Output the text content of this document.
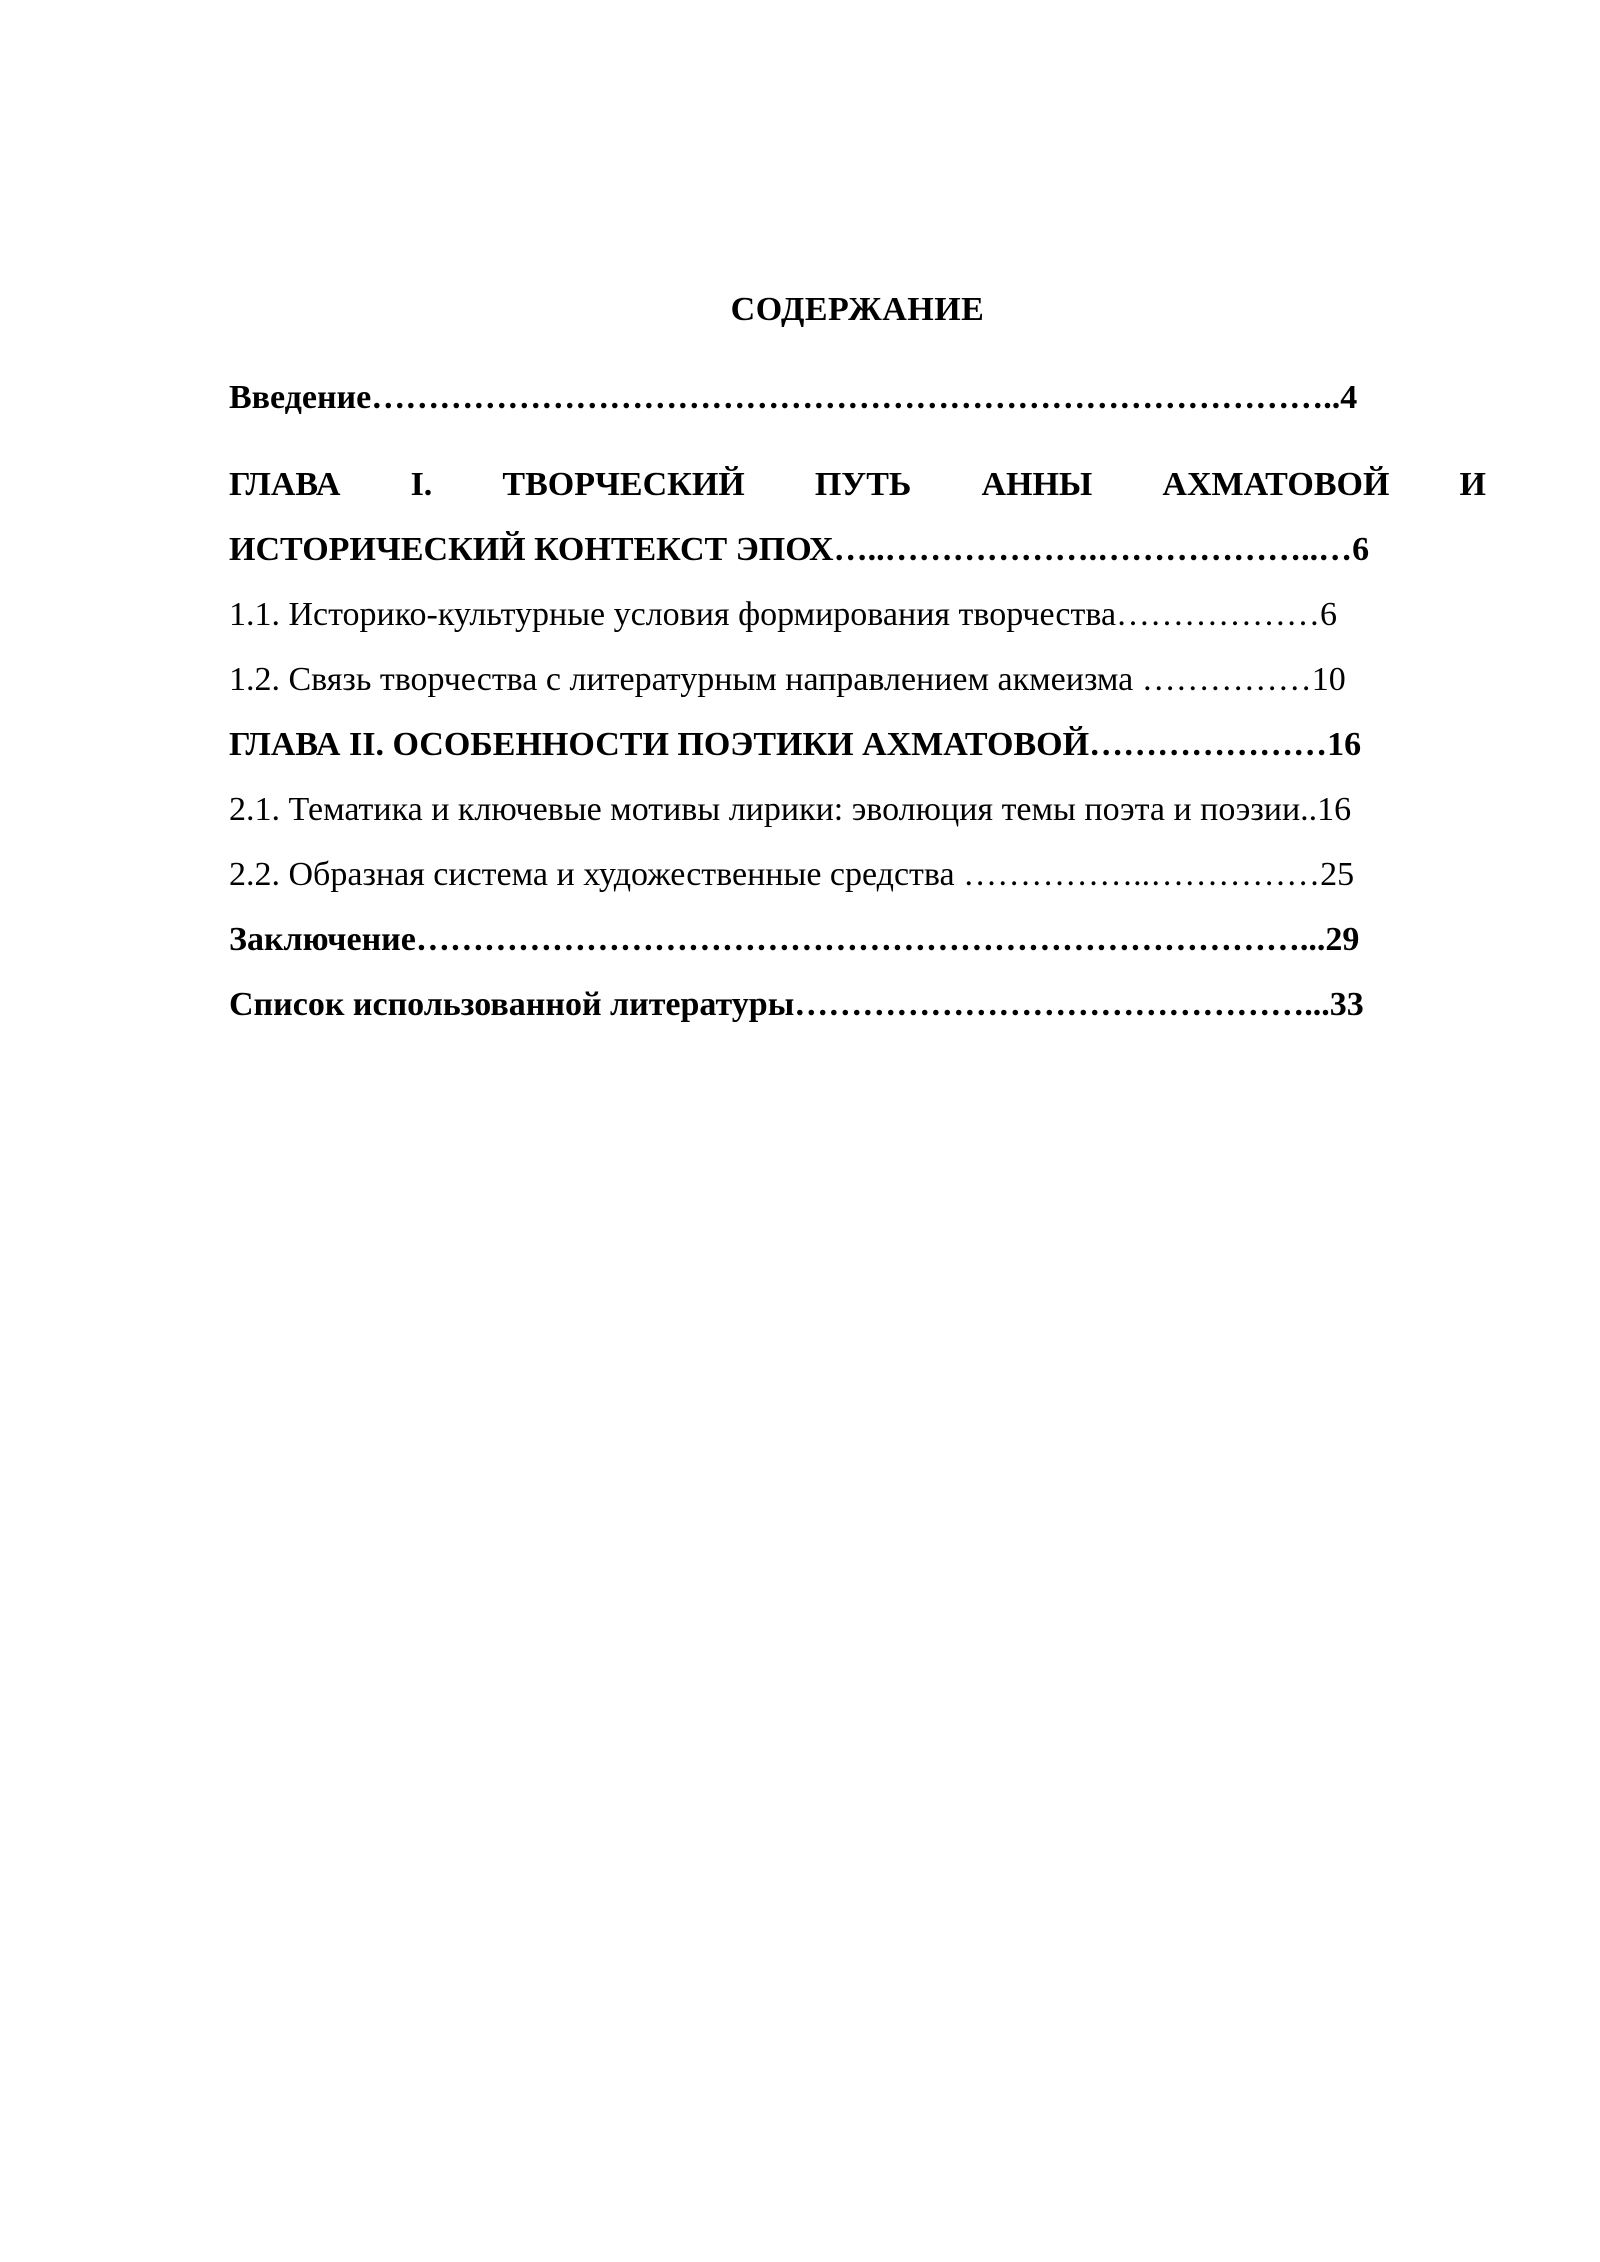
СОДЕРЖАНИЕ
Введение…………………………………………………………………………..4
ГЛАВА I. ТВОРЧЕСКИЙ ПУТЬ АННЫ АХМАТОВОЙ И
ИСТОРИЧЕСКИЙ КОНТЕКСТ ЭПОХ…..……………….………………..…6
1.1. Историко-культурные условия формирования творчества………………6
1.2. Связь творчества с литературным направлением акмеизма ……………10
ГЛАВА II. ОСОБЕННОСТИ ПОЭТИКИ АХМАТОВОЙ…………………16
2.1. Тематика и ключевые мотивы лирики: эволюция темы поэта и поэзии..16
2.2. Образная система и художественные средства ……………..……………25
Заключение……………………………………………………………………...29
Список использованной литературы………………………………………...33
